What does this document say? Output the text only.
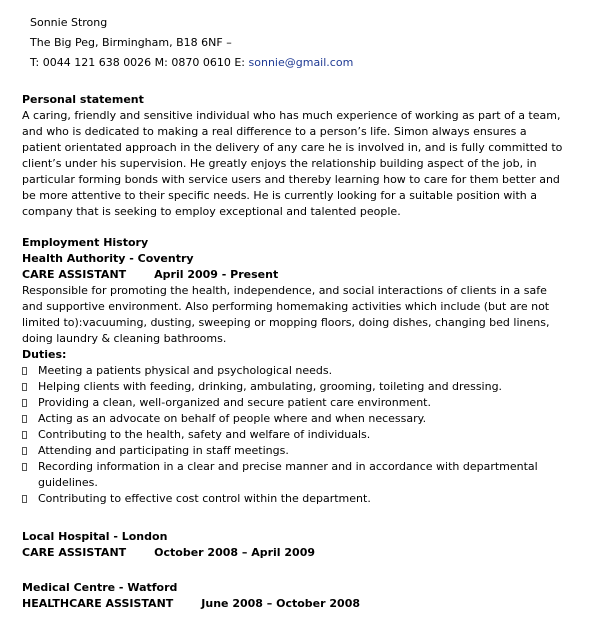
Sonnie Strong
The Big Peg, Birmingham, B18 6NF –
T: 0044 121 638 0026 M: 0870 0610 E: sonnie@gmail.com
Personal statement

A caring, friendly and sensitive individual who has much experience of working as part of a team, and who is dedicated to making a real difference to a person’s life. Simon always ensures a patient orientated approach in the delivery of any care he is involved in, and is fully committed to client’s under his supervision. He greatly enjoys the relationship building aspect of the job, in particular forming bonds with service users and thereby learning how to care for them better and be more attentive to their specific needs. He is currently looking for a suitable position with a company that is seeking to employ exceptional and talented people.

Employment History
Health Authority - Coventry
CARE ASSISTANT	April 2009 - Present

Responsible for promoting the health, independence, and social interactions of clients in a safe and supportive environment. Also performing homemaking activities which include (but are not limited to):vacuuming, dusting, sweeping or mopping floors, doing dishes, changing bed linens, doing laundry & cleaning bathrooms.

Duties:
Meeting a patients physical and psychological needs.
Helping clients with feeding, drinking, ambulating, grooming, toileting and dressing.
Providing a clean, well-organized and secure patient care environment.
Acting as an advocate on behalf of people where and when necessary.
Contributing to the health, safety and welfare of individuals.
Attending and participating in staff meetings.
Recording information in a clear and precise manner and in accordance with departmental guidelines.
Contributing to effective cost control within the department.
Local Hospital - London
CARE ASSISTANT	October 2008 – April 2009
Medical Centre - Watford
HEALTHCARE ASSISTANT	June 2008 – October 2008
